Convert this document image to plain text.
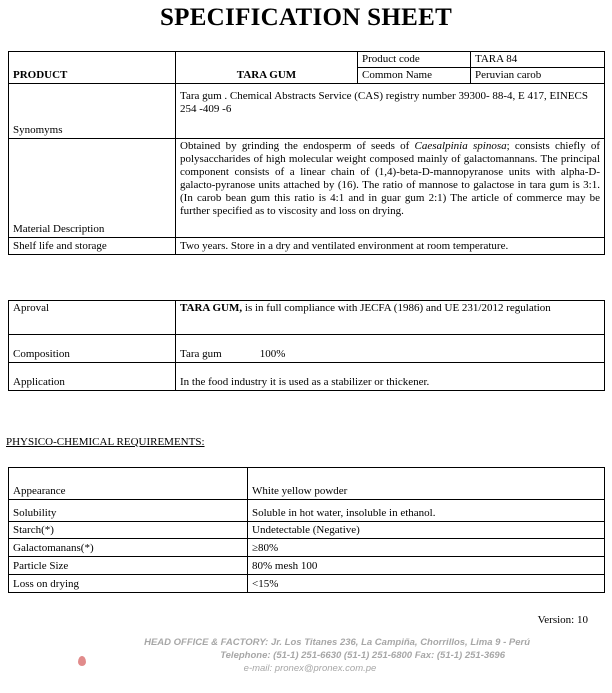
SPECIFICATION SHEET
PRODUCT	TARA GUM	Product code	TARA 84
		Common Name	Peruvian carob
Synomyms	Tara gum . Chemical Abstracts Service (CAS) registry number 39300- 88-4, E 417, EINECS 254 -409 -6		
Material Description	Obtained by grinding the endosperm of seeds of Caesalpinia spinosa; consists chiefly of polysaccharides of high molecular weight composed mainly of galactomannans. The principal component consists of a linear chain of (1,4)-beta-D-mannopyranose units with alpha-D-galacto-pyranose units attached by (16). The ratio of mannose to galactose in tara gum is 3:1. (In carob bean gum this ratio is 4:1 and in guar gum 2:1) The article of commerce may be further specified as to viscosity and loss on drying.		
Shelf life and storage	Two years. Store in a dry and ventilated environment at room temperature.		
Aproval	TARA GUM, is in full compliance with JECFA (1986) and UE 231/2012 regulation
Composition	Tara gum 100%
Application	In the food industry it is used as a stabilizer or thickener.
PHYSICO-CHEMICAL REQUIREMENTS:
Appearance	White yellow powder
Solubility	Soluble in hot water, insoluble in ethanol.
Starch(*)	Undetectable (Negative)
Galactomanans(*)	≥80%
Particle Size	80% mesh 100
Loss on drying	<15%
Version: 10
HEAD OFFICE & FACTORY: Jr. Los Titanes 236, La Campiña, Chorrillos, Lima 9 - Perú
Telephone: (51-1) 251-6630 (51-1) 251-6800 Fax: (51-1) 251-3696
e-mail: pronex@pronex.com.pe
